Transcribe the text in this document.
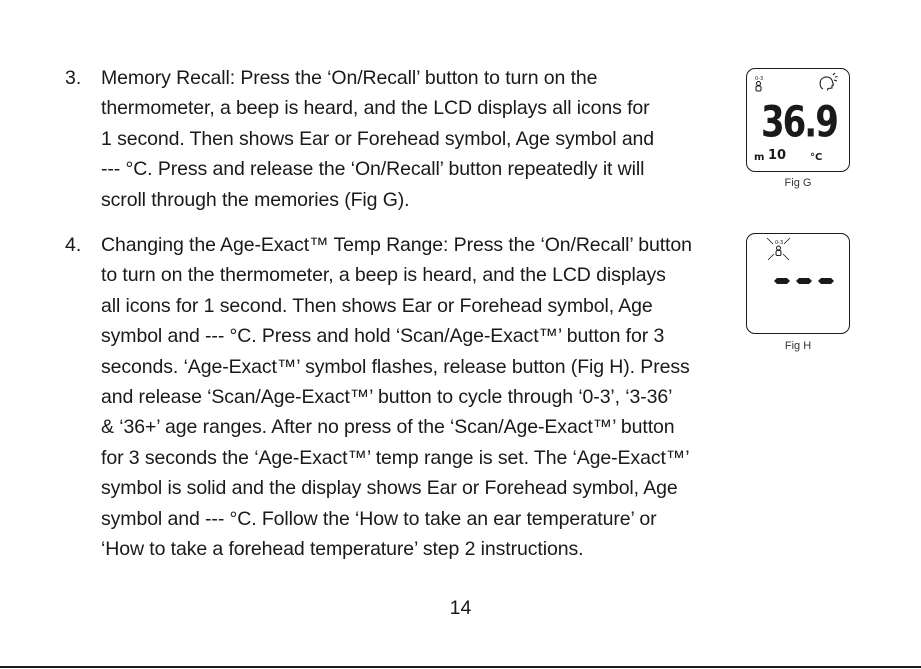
3. Memory Recall: Press the ‘On/Recall’ button to turn on the
thermometer, a beep is heard, and the LCD displays all icons for
1 second. Then shows Ear or Forehead symbol, Age symbol and
--- °C. Press and release the ‘On/Recall’ button repeatedly it will
scroll through the memories (Fig G).
4. Changing the Age-Exact™ Temp Range: Press the ‘On/Recall’ button
to turn on the thermometer, a beep is heard, and the LCD displays
all icons for 1 second. Then shows Ear or Forehead symbol, Age
symbol and --- °C. Press and hold ‘Scan/Age-Exact™’ button for 3
seconds. ‘Age-Exact™’ symbol flashes, release button (Fig H). Press
and release ‘Scan/Age-Exact™’ button to cycle through ‘0-3’, ‘3-36’
& ‘36+’ age ranges. After no press of the ‘Scan/Age-Exact™’ button
for 3 seconds the ‘Age-Exact™’ temp range is set. The ‘Age-Exact™’
symbol is solid and the display shows Ear or Forehead symbol, Age
symbol and --- °C. Follow the ‘How to take an ear temperature’ or
‘How to take a forehead temperature’ step 2 instructions.
0-3
36.9
m 10 °C
Fig G
0-3
Fig H
14
